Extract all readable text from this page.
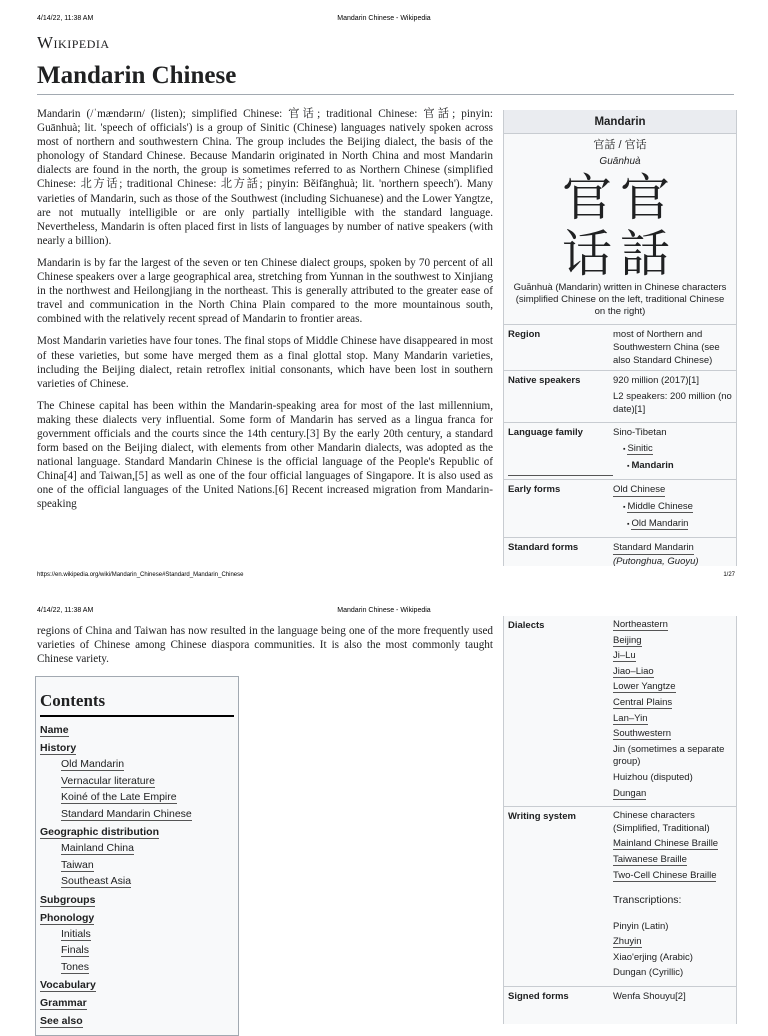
4/14/22, 11:38 AM	Mandarin Chinese - Wikipedia
Wikipedia
Mandarin Chinese

Mandarin (/ˈmændərɪn/ (listen); simplified Chinese: 官话; traditional Chinese: 官話; pinyin: Guānhuà; lit. 'speech of officials') is a group of Sinitic (Chinese) languages natively spoken across most of northern and southwestern China. The group includes the Beijing dialect, the basis of the phonology of Standard Chinese. Because Mandarin originated in North China and most Mandarin dialects are found in the north, the group is sometimes referred to as Northern Chinese (simplified Chinese: 北方话; traditional Chinese: 北方話; pinyin: Běifānghuà; lit. 'northern speech'). Many varieties of Mandarin, such as those of the Southwest (including Sichuanese) and the Lower Yangtze, are not mutually intelligible or are only partially intelligible with the standard language. Nevertheless, Mandarin is often placed first in lists of languages by number of native speakers (with nearly a billion).

Mandarin is by far the largest of the seven or ten Chinese dialect groups, spoken by 70 percent of all Chinese speakers over a large geographical area, stretching from Yunnan in the southwest to Xinjiang in the northwest and Heilongjiang in the northeast. This is generally attributed to the greater ease of travel and communication in the North China Plain compared to the more mountainous south, combined with the relatively recent spread of Mandarin to frontier areas.

Most Mandarin varieties have four tones. The final stops of Middle Chinese have disappeared in most of these varieties, but some have merged them as a final glottal stop. Many Mandarin varieties, including the Beijing dialect, retain retroflex initial consonants, which have been lost in southern varieties of Chinese.

The Chinese capital has been within the Mandarin-speaking area for most of the last millennium, making these dialects very influential. Some form of Mandarin has served as a lingua franca for government officials and the courts since the 14th century.[3] By the early 20th century, a standard form based on the Beijing dialect, with elements from other Mandarin dialects, was adopted as the national language. Standard Mandarin Chinese is the official language of the People's Republic of China[4] and Taiwan,[5] as well as one of the four official languages of Singapore. It is also used as one of the official languages of the United Nations.[6] Recent increased migration from Mandarin-speaking

Mandarin
官話 / 官话
Guānhuà
官官
话話
Guānhuà (Mandarin) written in Chinese characters (simplified Chinese on the left, traditional Chinese on the right)
Region	most of Northern and Southwestern China (see also Standard Chinese)
Native speakers	920 million (2017)[1]
L2 speakers: 200 million (no date)[1]
Language family	Sino-Tibetan
▪ Sinitic
▪ Mandarin
Early forms	Old Chinese
▪ Middle Chinese
▪ Old Mandarin
Standard forms	Standard Mandarin
(Putonghua, Guoyu)
https://en.wikipedia.org/wiki/Mandarin_Chinese#Standard_Mandarin_Chinese	1/27
4/14/22, 11:38 AM	Mandarin Chinese - Wikipedia

regions of China and Taiwan has now resulted in the language being one of the more frequently used varieties of Chinese among Chinese diaspora communities. It is also the most commonly taught Chinese variety.

Contents
Name
History
Old Mandarin
Vernacular literature
Koiné of the Late Empire
Standard Mandarin Chinese
Geographic distribution
Mainland China
Taiwan
Southeast Asia
Subgroups
Phonology
Initials
Finals
Tones
Vocabulary
Grammar
See also
Dialects	Northeastern
Beijing
Ji–Lu
Jiao–Liao
Lower Yangtze
Central Plains
Lan–Yin
Southwestern
Jin (sometimes a separate group)
Huizhou (disputed)
Dungan
Writing system	Chinese characters (Simplified, Traditional)
Mainland Chinese Braille
Taiwanese Braille
Two-Cell Chinese Braille
Transcriptions:
Pinyin (Latin)
Zhuyin
Xiao'erjing (Arabic)
Dungan (Cyrillic)
Signed forms	Wenfa Shouyu[2]
